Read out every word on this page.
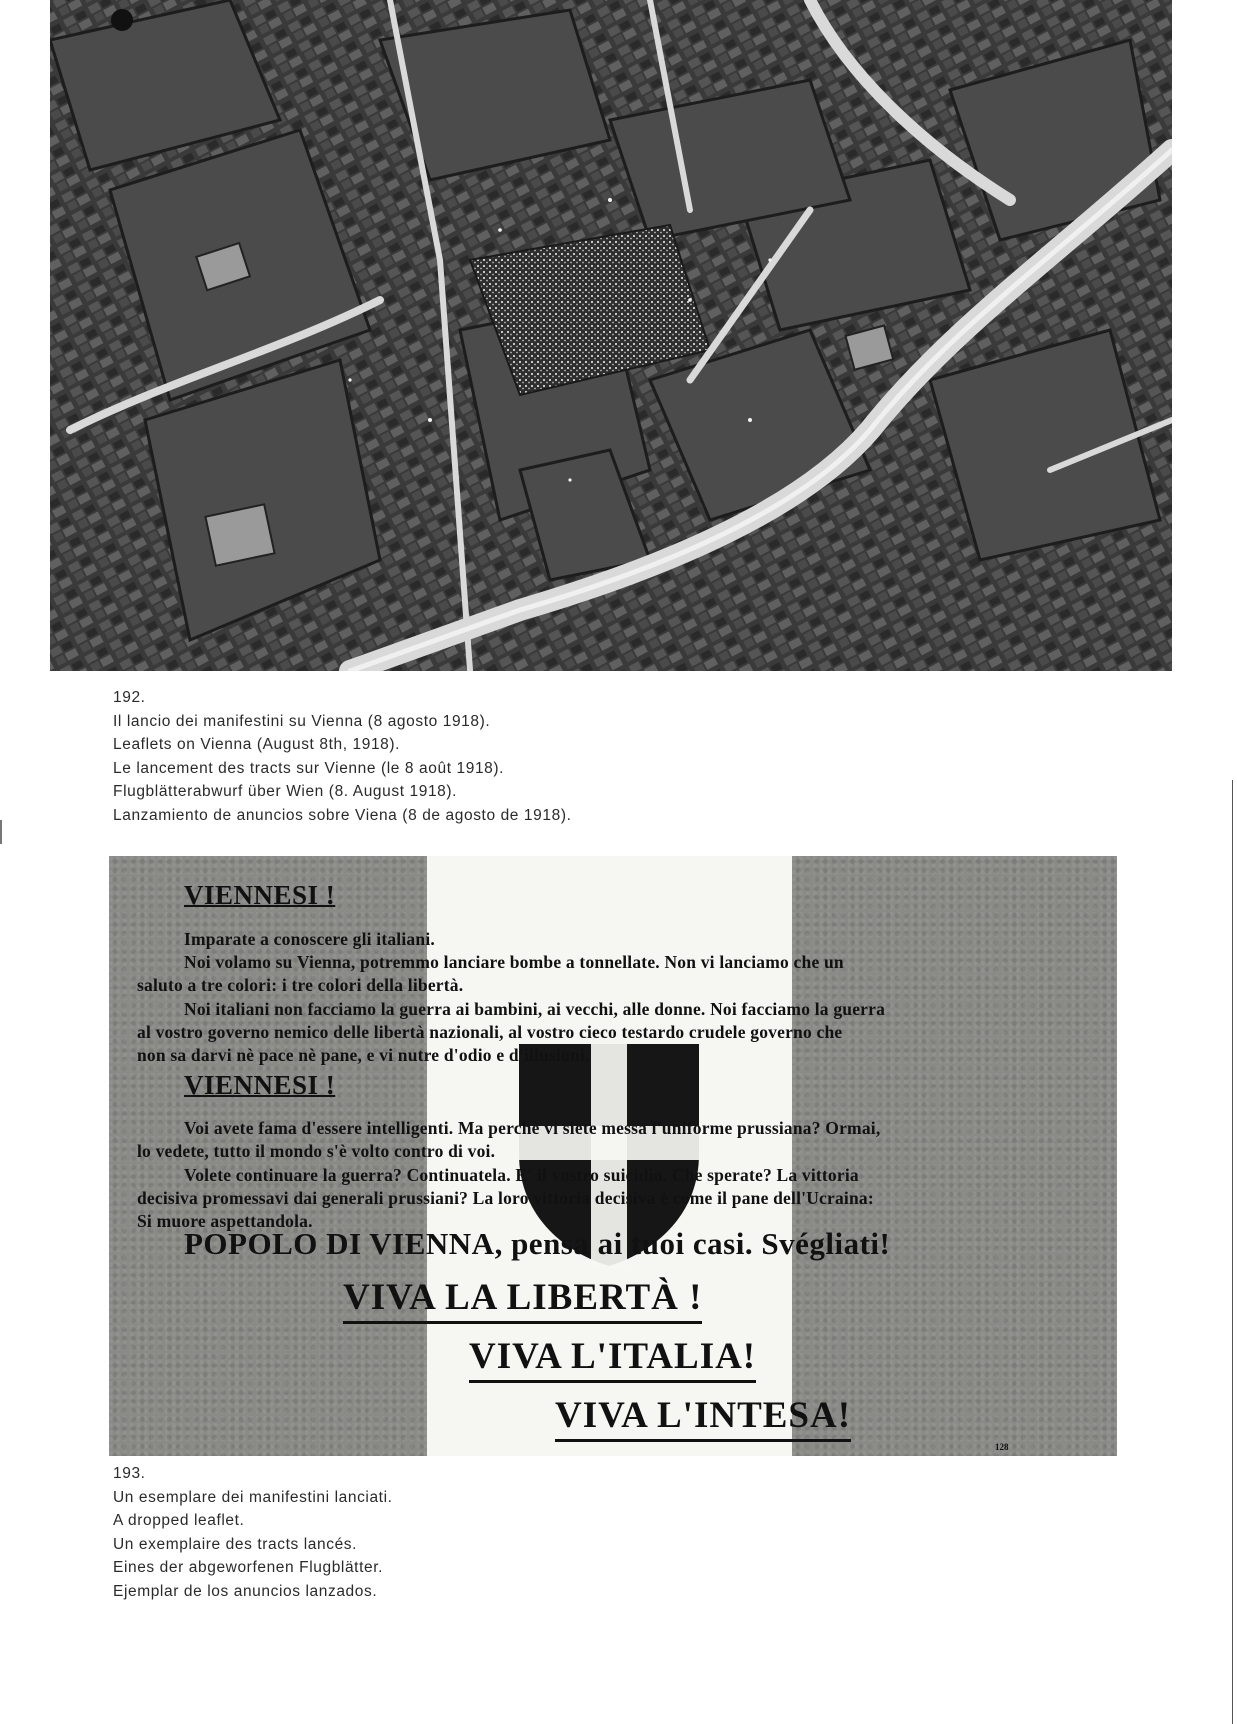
192.
Il lancio dei manifestini su Vienna (8 agosto 1918).
Leaflets on Vienna (August 8th, 1918).
Le lancement des tracts sur Vienne (le 8 août 1918).
Flugblätterabwurf über Wien (8. August 1918).
Lanzamiento de anuncios sobre Viena (8 de agosto de 1918).
VIENNESI !
Imparate a conoscere gli italiani.
Noi volamo su Vienna, potremmo lanciare bombe a tonnellate. Non vi lanciamo che un
saluto a tre colori: i tre colori della libertà.
Noi italiani non facciamo la guerra ai bambini, ai vecchi, alle donne. Noi facciamo la guerra
al vostro governo nemico delle libertà nazionali, al vostro cieco testardo crudele governo che
non sa darvi nè pace nè pane, e vi nutre d'odio e d'illusioni.
VIENNESI !
Voi avete fama d'essere intelligenti. Ma perchè vi siete messa l'uniforme prussiana? Ormai,
lo vedete, tutto il mondo s'è volto contro di voi.
Volete continuare la guerra? Continuatela. E' il vostro suicidio. Che sperate? La vittoria
decisiva promessavi dai generali prussiani? La loro vittoria decisiva è come il pane dell'Ucraina:
Si muore aspettandola.
POPOLO DI VIENNA, pensa ai tuoi casi. Svégliati!
VIVA LA LIBERTÀ !
VIVA L'ITALIA!
VIVA L'INTESA!
128
193.
Un esemplare dei manifestini lanciati.
A dropped leaflet.
Un exemplaire des tracts lancés.
Eines der abgeworfenen Flugblätter.
Ejemplar de los anuncios lanzados.
